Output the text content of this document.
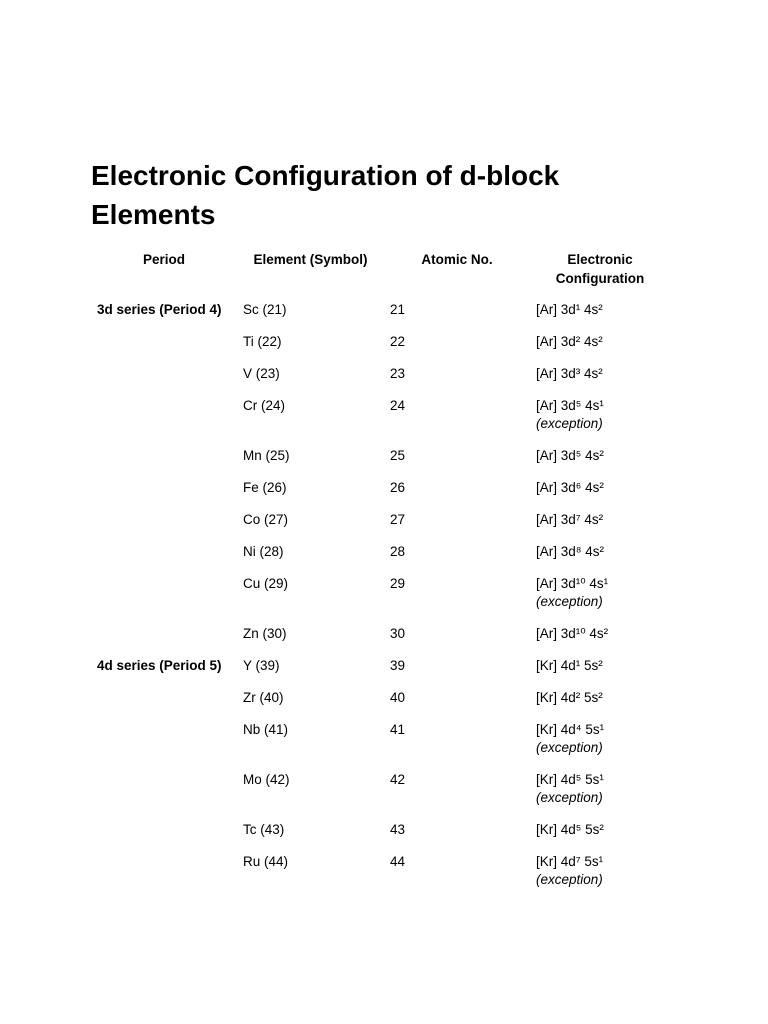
Electronic Configuration of d-block Elements
Period	Element (Symbol)	Atomic No.	Electronic Configuration
3d series (Period 4)	Sc (21)	21	[Ar] 3d¹ 4s²
	Ti (22)	22	[Ar] 3d² 4s²
	V (23)	23	[Ar] 3d³ 4s²
	Cr (24)	24	[Ar] 3d⁵ 4s¹
(exception)

	Mn (25)	25	[Ar] 3d⁵ 4s²
	Fe (26)	26	[Ar] 3d⁶ 4s²
	Co (27)	27	[Ar] 3d⁷ 4s²
	Ni (28)	28	[Ar] 3d⁸ 4s²
	Cu (29)	29	[Ar] 3d¹⁰ 4s¹
(exception)

	Zn (30)	30	[Ar] 3d¹⁰ 4s²
4d series (Period 5)	Y (39)	39	[Kr] 4d¹ 5s²
	Zr (40)	40	[Kr] 4d² 5s²
	Nb (41)	41	[Kr] 4d⁴ 5s¹
(exception)

	Mo (42)	42	[Kr] 4d⁵ 5s¹
(exception)

	Tc (43)	43	[Kr] 4d⁵ 5s²
	Ru (44)	44	[Kr] 4d⁷ 5s¹
(exception)
